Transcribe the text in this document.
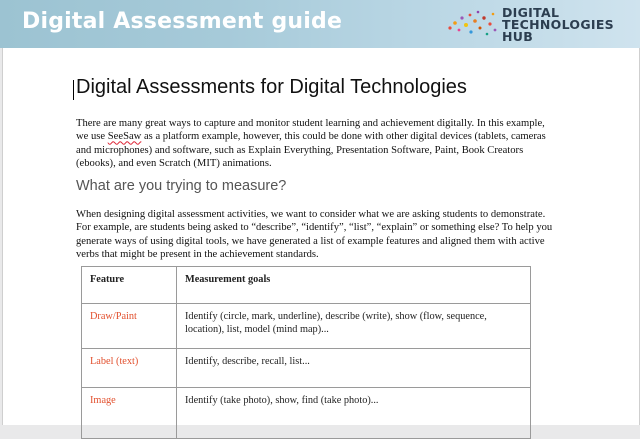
Digital Assessment guide	DIGITAL
TECHNOLOGIES
HUB
Digital Assessments for Digital Technologies

There are many great ways to capture and monitor student learning and achievement digitally. In this example, we use SeeSaw as a platform example, however, this could be done with other digital devices (tablets, cameras and microphones) and software, such as Explain Everything, Presentation Software, Paint, Book Creators (ebooks), and even Scratch (MIT) animations.

What are you trying to measure?

When designing digital assessment activities, we want to consider what we are asking students to demonstrate. For example, are students being asked to “describe”, “identify”, “list”, “explain” or something else? To help you generate ways of using digital tools, we have generated a list of example features and aligned them with active verbs that might be present in the achievement standards.

Feature	Measurement goals
Draw/Paint	Identify (circle, mark, underline), describe (write), show (flow, sequence, location), list, model (mind map)...
Label (text)	Identify, describe, recall, list...
Image	Identify (take photo), show, find (take photo)...
